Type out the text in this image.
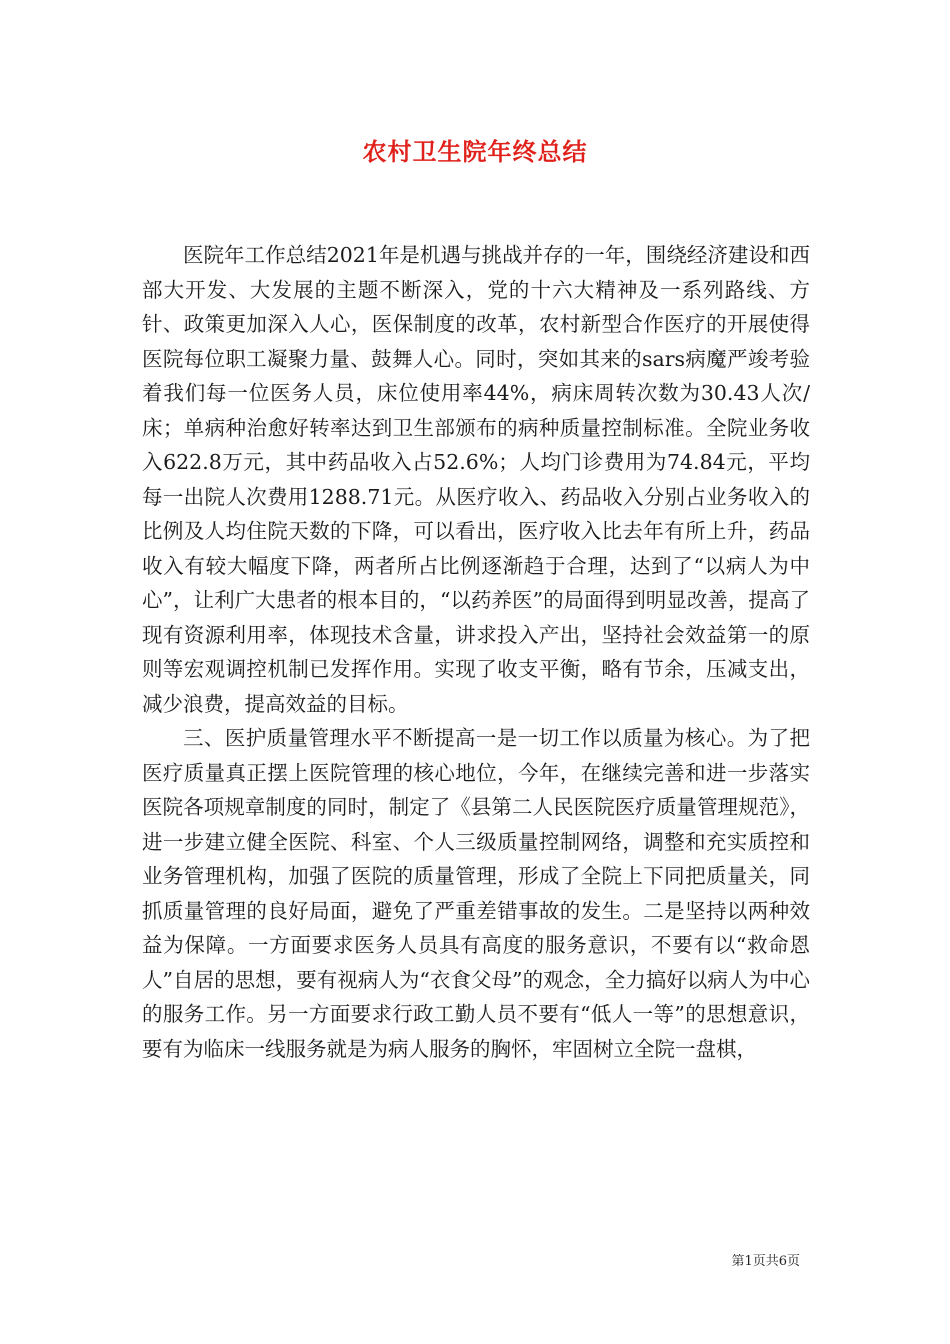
农村卫生院年终总结

医院年工作总结2021年是机遇与挑战并存的一年，围绕经济建设和西部大开发、大发展的主题不断深入，党的十六大精神及一系列路线、方针、政策更加深入人心，医保制度的改革，农村新型合作医疗的开展使得医院每位职工凝聚力量、鼓舞人心。同时，突如其来的sars病魔严竣考验着我们每一位医务人员，床位使用率44%，病床周转次数为30.43人次/床；单病种治愈好转率达到卫生部颁布的病种质量控制标准。全院业务收入622.8万元，其中药品收入占52.6%；人均门诊费用为74.84元，平均每一出院人次费用1288.71元。从医疗收入、药品收入分别占业务收入的比例及人均住院天数的下降，可以看出，医疗收入比去年有所上升，药品收入有较大幅度下降，两者所占比例逐渐趋于合理，达到了“以病人为中心”，让利广大患者的根本目的，“以药养医”的局面得到明显改善，提高了现有资源利用率，体现技术含量，讲求投入产出，坚持社会效益第一的原则等宏观调控机制已发挥作用。实现了收支平衡，略有节余，压减支出，减少浪费，提高效益的目标。

三、医护质量管理水平不断提高一是一切工作以质量为核心。为了把医疗质量真正摆上医院管理的核心地位，今年，在继续完善和进一步落实医院各项规章制度的同时，制定了《县第二人民医院医疗质量管理规范》，进一步建立健全医院、科室、个人三级质量控制网络，调整和充实质控和业务管理机构，加强了医院的质量管理，形成了全院上下同把质量关，同抓质量管理的良好局面，避免了严重差错事故的发生。二是坚持以两种效益为保障。一方面要求医务人员具有高度的服务意识，不要有以“救命恩人”自居的思想，要有视病人为“衣食父母”的观念，全力搞好以病人为中心的服务工作。另一方面要求行政工勤人员不要有“低人一等”的思想意识，要有为临床一线服务就是为病人服务的胸怀，牢固树立全院一盘棋，

第1页共6页
